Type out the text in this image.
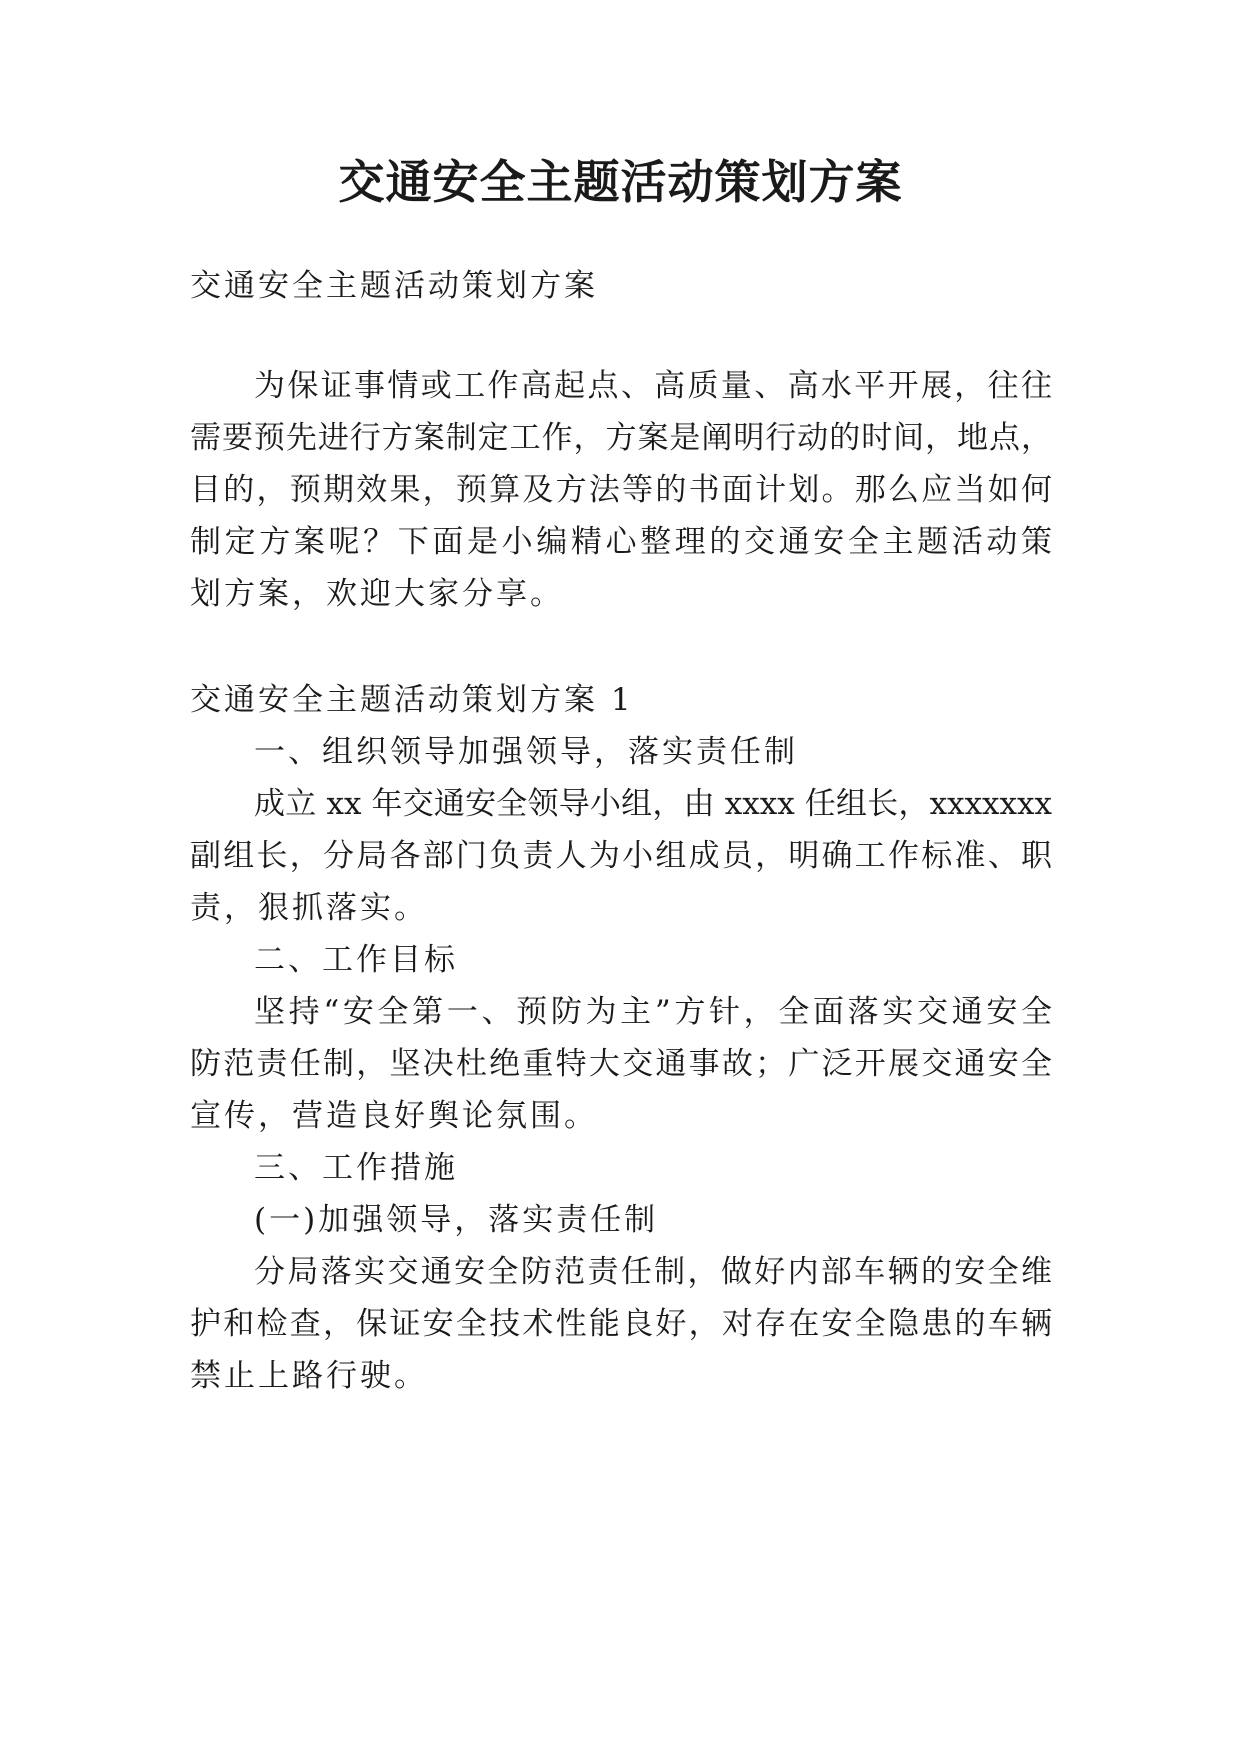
交通安全主题活动策划方案

交通安全主题活动策划方案

为保证事情或工作高起点、高质量、高水平开展，往往

需要预先进行方案制定工作，方案是阐明行动的时间，地点，

目的，预期效果，预算及方法等的书面计划。那么应当如何

制定方案呢？下面是小编精心整理的交通安全主题活动策

划方案，欢迎大家分享。

交通安全主题活动策划方案 1

一、组织领导加强领导，落实责任制

成立 xx 年交通安全领导小组，由 xxxx 任组长，xxxxxxx

副组长，分局各部门负责人为小组成员，明确工作标准、职

责，狠抓落实。

二、工作目标

坚持“安全第一、预防为主”方针，全面落实交通安全

防范责任制，坚决杜绝重特大交通事故；广泛开展交通安全

宣传，营造良好舆论氛围。

三、工作措施

(一)加强领导，落实责任制

分局落实交通安全防范责任制，做好内部车辆的安全维

护和检查，保证安全技术性能良好，对存在安全隐患的车辆

禁止上路行驶。
